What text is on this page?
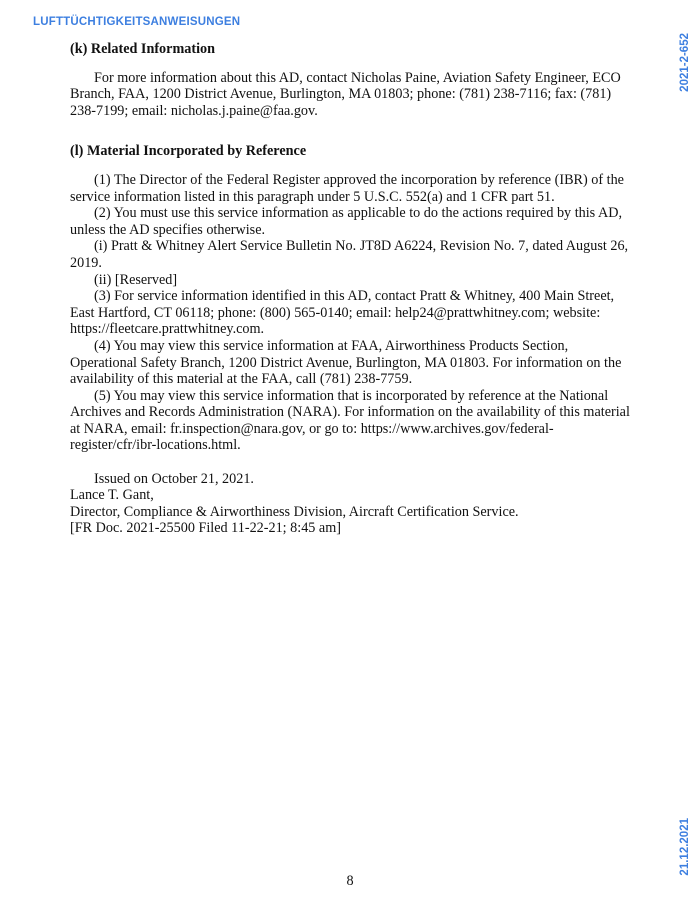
LUFTTÜCHTIGKEITSANWEISUNGEN
2021-2-652
21.12.2021
(k) Related Information

For more information about this AD, contact Nicholas Paine, Aviation Safety Engineer, ECO Branch, FAA, 1200 District Avenue, Burlington, MA 01803; phone: (781) 238-7116; fax: (781) 238-7199; email: nicholas.j.paine@faa.gov.

(l) Material Incorporated by Reference

(1) The Director of the Federal Register approved the incorporation by reference (IBR) of the service information listed in this paragraph under 5 U.S.C. 552(a) and 1 CFR part 51.

(2) You must use this service information as applicable to do the actions required by this AD, unless the AD specifies otherwise.

(i) Pratt & Whitney Alert Service Bulletin No. JT8D A6224, Revision No. 7, dated August 26, 2019.

(ii) [Reserved]

(3) For service information identified in this AD, contact Pratt & Whitney, 400 Main Street, East Hartford, CT 06118; phone: (800) 565-0140; email: help24@prattwhitney.com; website: https://fleetcare.prattwhitney.com.

(4) You may view this service information at FAA, Airworthiness Products Section, Operational Safety Branch, 1200 District Avenue, Burlington, MA 01803. For information on the availability of this material at the FAA, call (781) 238-7759.

(5) You may view this service information that is incorporated by reference at the National Archives and Records Administration (NARA). For information on the availability of this material at NARA, email: fr.inspection@nara.gov, or go to: https://www.archives.gov/federal-register/cfr/ibr-locations.html.

Issued on October 21, 2021.

Lance T. Gant,

Director, Compliance & Airworthiness Division, Aircraft Certification Service.

[FR Doc. 2021-25500 Filed 11-22-21; 8:45 am]

8
